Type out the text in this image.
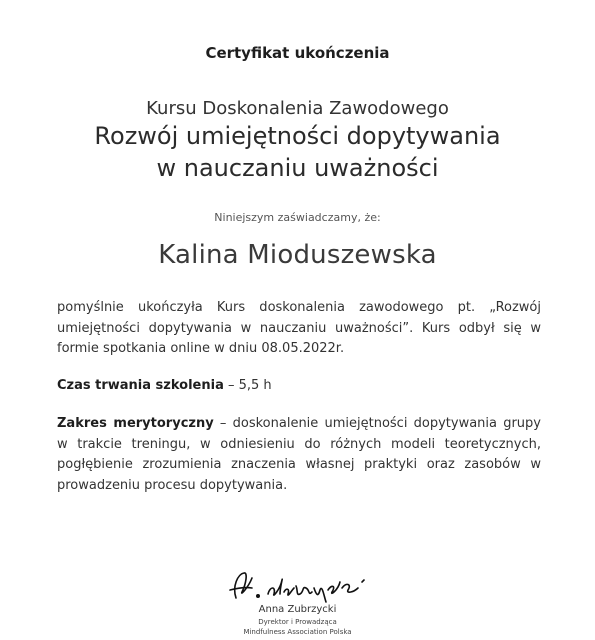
Certyfikat ukończenia
Kursu Doskonalenia Zawodowego
Rozwój umiejętności dopytywania
w nauczaniu uważności
Niniejszym zaświadczamy, że:
Kalina Mioduszewska

pomyślnie ukończyła Kurs doskonalenia zawodowego pt. „Rozwój umiejętności dopytywania w nauczaniu uważności”. Kurs odbył się w formie spotkania online w dniu 08.05.2022r.

Czas trwania szkolenia – 5,5 h

Zakres merytoryczny – doskonalenie umiejętności dopytywania grupy w trakcie treningu, w odniesieniu do różnych modeli teoretycznych, pogłębienie zrozumienia znaczenia własnej praktyki oraz zasobów w prowadzeniu procesu dopytywania.

Anna Zubrzycki
Dyrektor i Prowadząca
Mindfulness Association Polska
